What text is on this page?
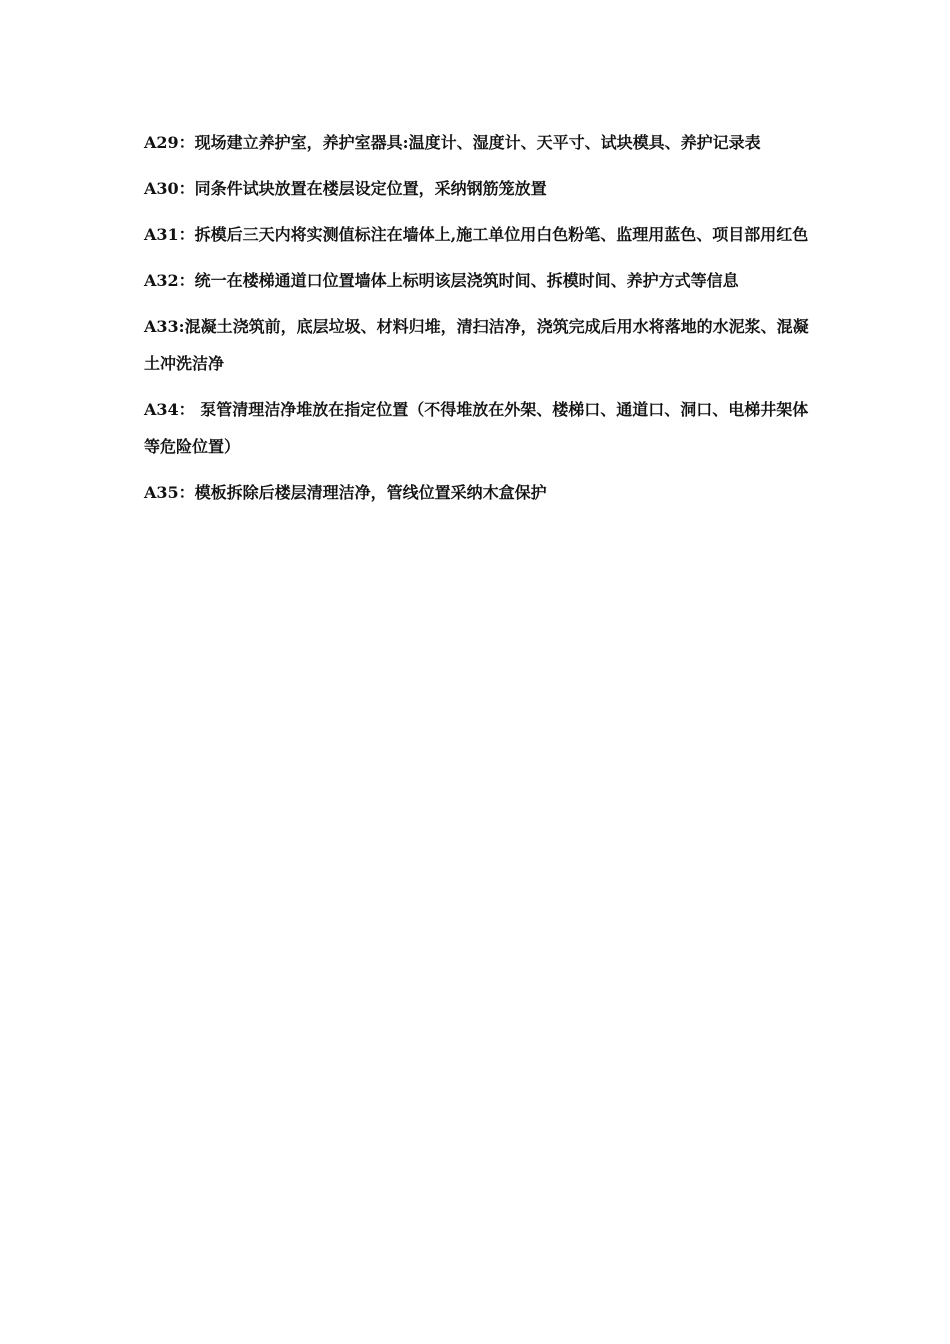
A29：现场建立养护室，养护室器具:温度计、湿度计、天平寸、试块模具、养护记录表

A30：同条件试块放置在楼层设定位置，采纳钢筋笼放置

A31：拆模后三天内将实测值标注在墙体上,施工单位用白色粉笔、监理用蓝色、项目部用红色

A32：统一在楼梯通道口位置墙体上标明该层浇筑时间、拆模时间、养护方式等信息

A33:混凝土浇筑前，底层垃圾、材料归堆，清扫洁净，浇筑完成后用水将落地的水泥浆、混凝土冲洗洁净

A34： 泵管清理洁净堆放在指定位置（不得堆放在外架、楼梯口、通道口、洞口、电梯井架体等危险位置）

A35：模板拆除后楼层清理洁净，管线位置采纳木盒保护
